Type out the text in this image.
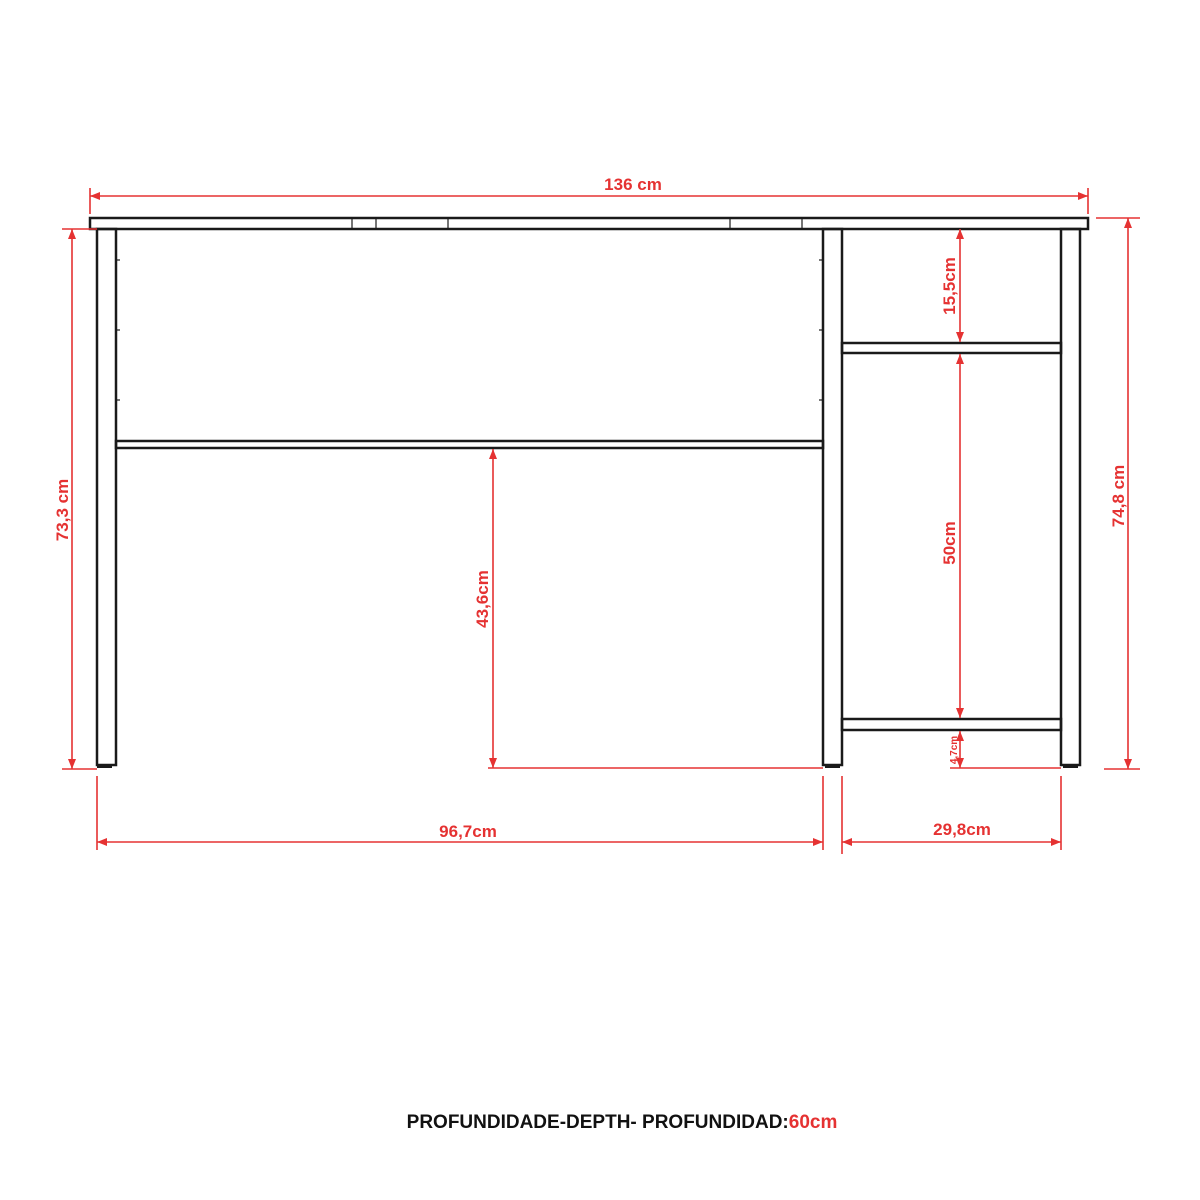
136 cm
73,3 cm	74,8 cm
15,5cm
50cm
4,7cm
43,6cm
96,7cm	29,8cm
PROFUNDIDADE-DEPTH- PROFUNDIDAD:60cm
